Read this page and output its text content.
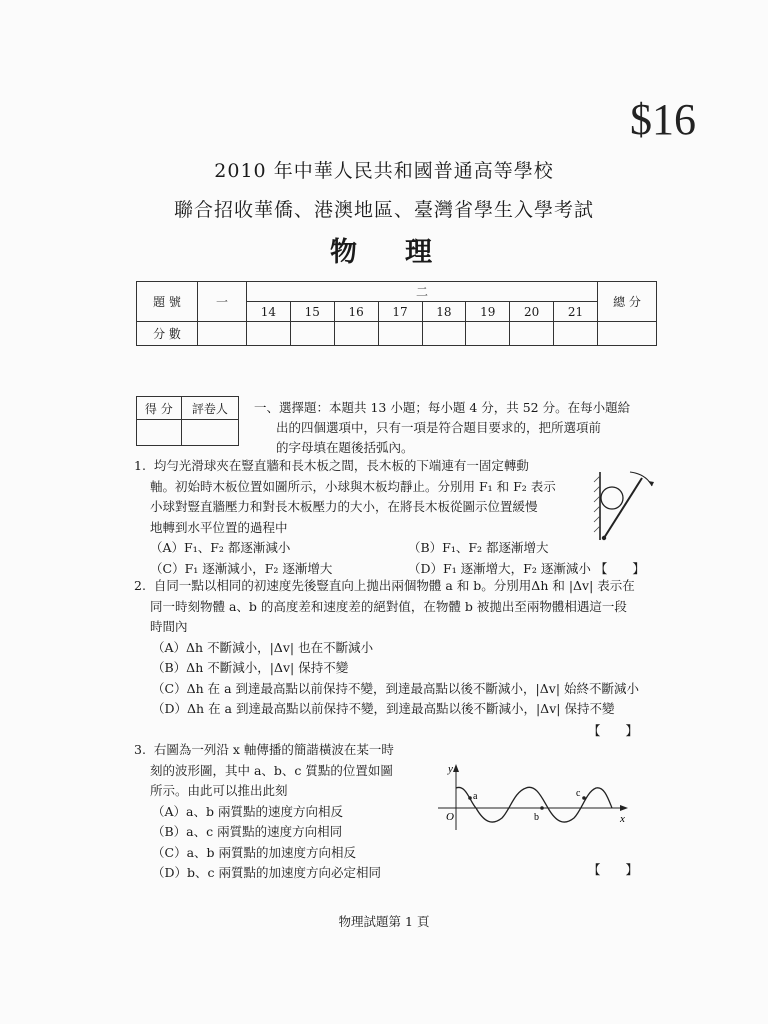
$16
2010 年中華人民共和國普通高等學校
聯合招收華僑、港澳地區、臺灣省學生入學考試
物理
題 號	一	二								總 分
		14	15	16	17	18	19	20	21	
分 數										
得 分	評卷人
	一、選擇題：本題共 13 小題；每小題 4 分，共 52 分。在每小題給
出的四個選項中，只有一項是符合題目要求的，把所選項前
的字母填在題後括弧內。
1. 均勻光滑球夾在豎直牆和長木板之間，長木板的下端連有一固定轉動
軸。初始時木板位置如圖所示，小球與木板均靜止。分別用 F₁ 和 F₂ 表示
小球對豎直牆壓力和對長木板壓力的大小，在將長木板從圖示位置緩慢
地轉到水平位置的過程中
（A）F₁、F₂ 都逐漸減小	（B）F₁、F₂ 都逐漸增大
（C）F₁ 逐漸減小，F₂ 逐漸增大	（D）F₁ 逐漸增大，F₂ 逐漸減小 【　　】
2. 自同一點以相同的初速度先後豎直向上拋出兩個物體 a 和 b。分別用Δh 和 |Δv| 表示在
同一時刻物體 a、b 的高度差和速度差的絕對值，在物體 b 被拋出至兩物體相遇這一段
時間內
（A）Δh 不斷減小，|Δv| 也在不斷減小
（B）Δh 不斷減小，|Δv| 保持不變
（C）Δh 在 a 到達最高點以前保持不變，到達最高點以後不斷減小，|Δv| 始終不斷減小
（D）Δh 在 a 到達最高點以前保持不變，到達最高點以後不斷減小，|Δv| 保持不變
【　　】
3. 右圖為一列沿 x 軸傳播的簡諧橫波在某一時
刻的波形圖，其中 a、b、c 質點的位置如圖
所示。由此可以推出此刻
（A）a、b 兩質點的速度方向相反
（B）a、c 兩質點的速度方向相同
（C）a、b 兩質點的加速度方向相反
（D）b、c 兩質點的加速度方向必定相同	【　　】
y
x
O
a
b
c
物理試題第 1 頁
